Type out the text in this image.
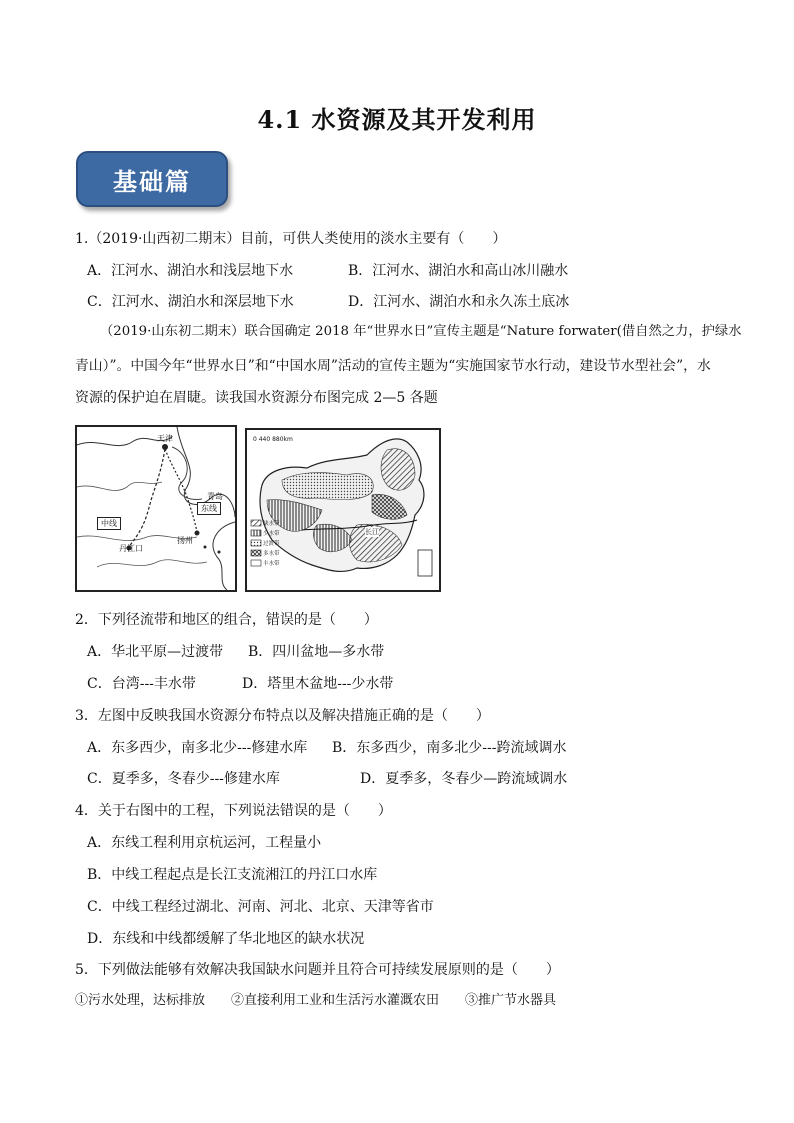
4.1 水资源及其开发利用
基础篇
1.（2019·山西初二期末）目前，可供人类使用的淡水主要有（　　）
A．江河水、湖泊水和浅层地下水	B．江河水、湖泊水和高山冰川融水
C．江河水、湖泊水和深层地下水	D．江河水、湖泊水和永久冻土底冰
（2019·山东初二期末）联合国确定 2018 年“世界水日”宣传主题是“Nature forwater(借自然之力，护绿水
青山）”。中国今年“世界水日”和“中国水周”活动的宣传主题为“实施国家节水行动，建设节水型社会”，水
资源的保护迫在眉睫。读我国水资源分布图完成 2—5 各题
天津
青岛
东线
中线
扬州
丹江口
0 440 880km
长江
缺水带
少水带
过渡带
多水带
丰水带
2．下列径流带和地区的组合，错误的是（　　）
A．华北平原—过渡带 B．四川盆地—多水带
C．台湾---丰水带	D．塔里木盆地---少水带
3．左图中反映我国水资源分布特点以及解决措施正确的是（　　）
A．东多西少，南多北少---修建水库 B．东多西少，南多北少---跨流域调水
C．夏季多，冬春少---修建水库	D．夏季多，冬春少—跨流域调水
4．关于右图中的工程，下列说法错误的是（　　）
A．东线工程利用京杭运河，工程量小
B．中线工程起点是长江支流湘江的丹江口水库
C．中线工程经过湖北、河南、河北、北京、天津等省市
D．东线和中线都缓解了华北地区的缺水状况
5．下列做法能够有效解决我国缺水问题并且符合可持续发展原则的是（　　）
①污水处理，达标排放　　②直接利用工业和生活污水灌溉农田　　③推广节水器具
